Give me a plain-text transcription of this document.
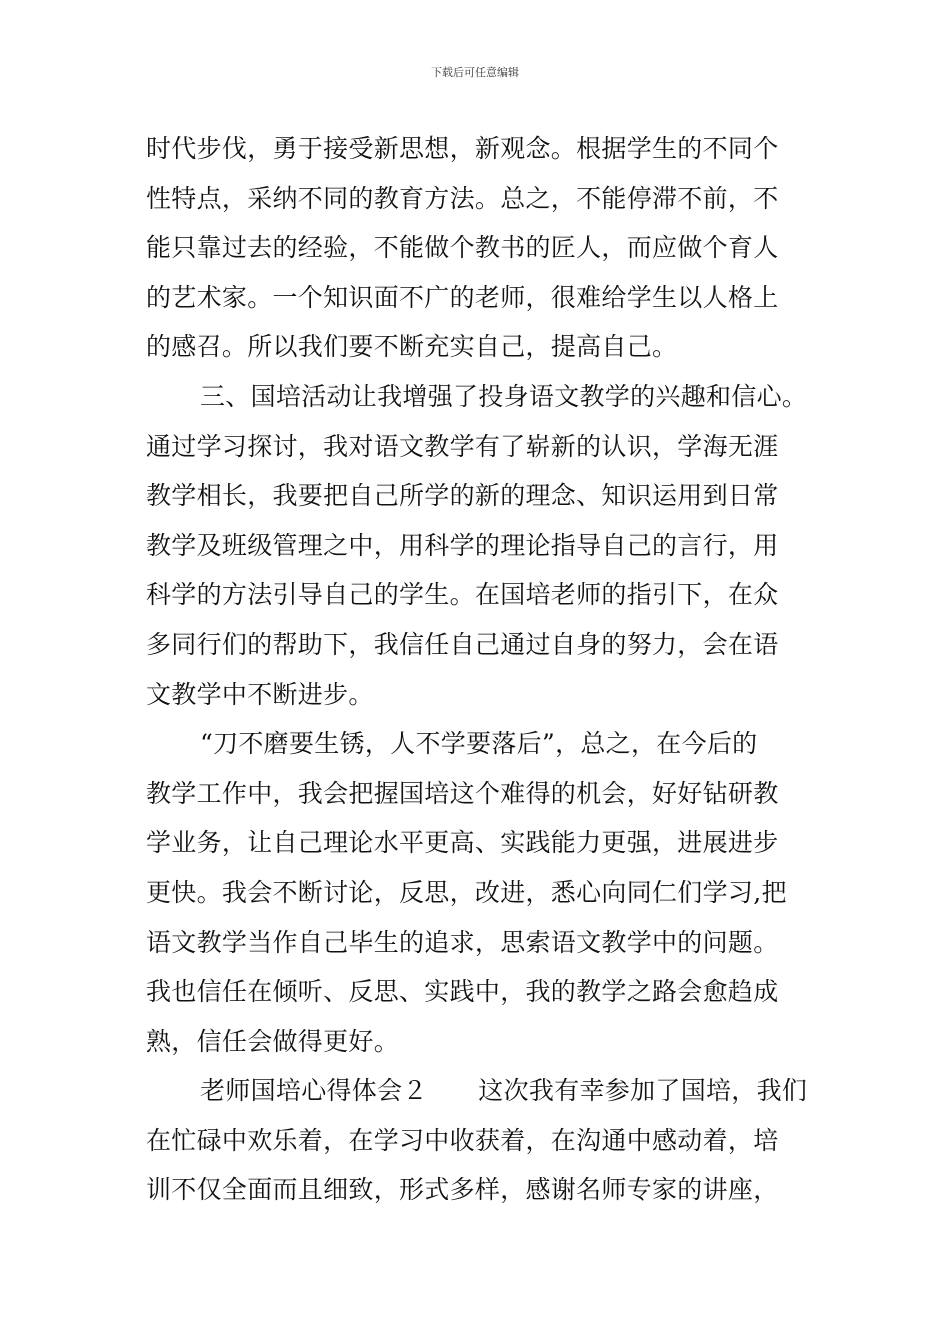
下载后可任意编辑
时代步伐，勇于接受新思想，新观念。根据学生的不同个
性特点，采纳不同的教育方法。总之，不能停滞不前，不
能只靠过去的经验，不能做个教书的匠人，而应做个育人
的艺术家。一个知识面不广的老师，很难给学生以人格上
的感召。所以我们要不断充实自己，提高自己。
三、国培活动让我增强了投身语文教学的兴趣和信心。
通过学习探讨，我对语文教学有了崭新的认识，学海无涯
教学相长，我要把自己所学的新的理念、知识运用到日常
教学及班级管理之中，用科学的理论指导自己的言行，用
科学的方法引导自己的学生。在国培老师的指引下，在众
多同行们的帮助下，我信任自己通过自身的努力，会在语
文教学中不断进步。
“刀不磨要生锈，人不学要落后”，总之，在今后的
教学工作中，我会把握国培这个难得的机会，好好钻研教
学业务，让自己理论水平更高、实践能力更强，进展进步
更快。我会不断讨论，反思，改进，悉心向同仁们学习,把
语文教学当作自己毕生的追求，思索语文教学中的问题。
我也信任在倾听、反思、实践中，我的教学之路会愈趋成
熟，信任会做得更好。
老师国培心得体会２　　这次我有幸参加了国培，我们
在忙碌中欢乐着，在学习中收获着，在沟通中感动着，培
训不仅全面而且细致，形式多样，感谢名师专家的讲座，
